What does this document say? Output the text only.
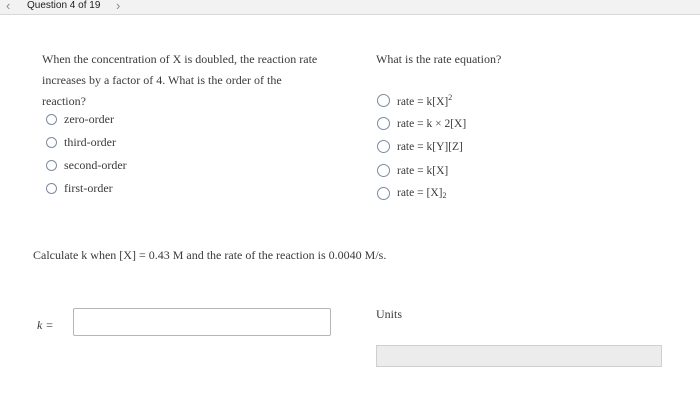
‹ Question 4 of 19 ›
When the concentration of X is doubled, the reaction rate
increases by a factor of 4. What is the order of the
reaction?
zero-order
third-order
second-order
first-order
What is the rate equation?
rate = $k[X]^2$
rate = k × 2[X]
rate = k[Y][Z]
rate = k[X]
rate = $[X]_2$
Calculate k when [X] = 0.43 M and the rate of the reaction is 0.0040 M/s.
k =
Units
